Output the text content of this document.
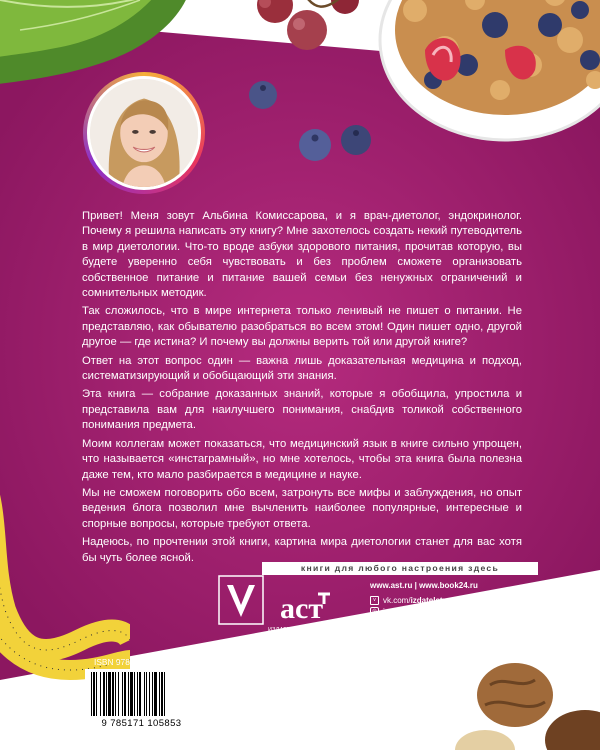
Привет! Меня зовут Альбина Комиссарова, и я врач-диетолог, эндокринолог. Почему я решила написать эту книгу? Мне захотелось создать некий путеводитель в мир диетологии. Что-то вроде азбуки здорового питания, прочитав которую, вы будете уверенно себя чувствовать и без проблем сможете организовать собственное питание и питание вашей семьи без ненужных ограничений и сомнительных методик.

Так сложилось, что в мире интернета только ленивый не пишет о питании. Не представляю, как обывателю разобраться во всем этом! Один пишет одно, другой другое — где истина? И почему вы должны верить той или другой книге?

Ответ на этот вопрос один — важна лишь доказательная медицина и подход, систематизирующий и обобщающий эти знания.

Эта книга — собрание доказанных знаний, которые я обобщила, упростила и представила вам для наилучшего понимания, снабдив толикой собственного понимания предмета.

Моим коллегам может показаться, что медицинский язык в книге сильно упрощен, что называется «инстаграмный», но мне хотелось, чтобы эта книга была полезна даже тем, кто мало разбирается в медицине и науке.

Мы не сможем поговорить обо всем, затронуть все мифы и заблуждения, но опыт ведения блога позволил мне вычленить наиболее популярные, интересные и спорные вопросы, которые требуют ответа.

Надеюсь, по прочтении этой книги, картина мира диетологии станет для вас хотя бы чуть более ясной.

книги для любого настроения здесь
аст
ИЗДАТЕЛЬСКАЯ ГРУППА АСТ
www.ast.ru | www.book24.ru
v vk.com/ izdatelstvoast
◎ instagram.com/ izdatelstvoast
f facebook.com/ izdatelstvoast
o ok.ru/ izdatelstvoast
ISBN 978-5-17-110585-3
9 785171 105853
